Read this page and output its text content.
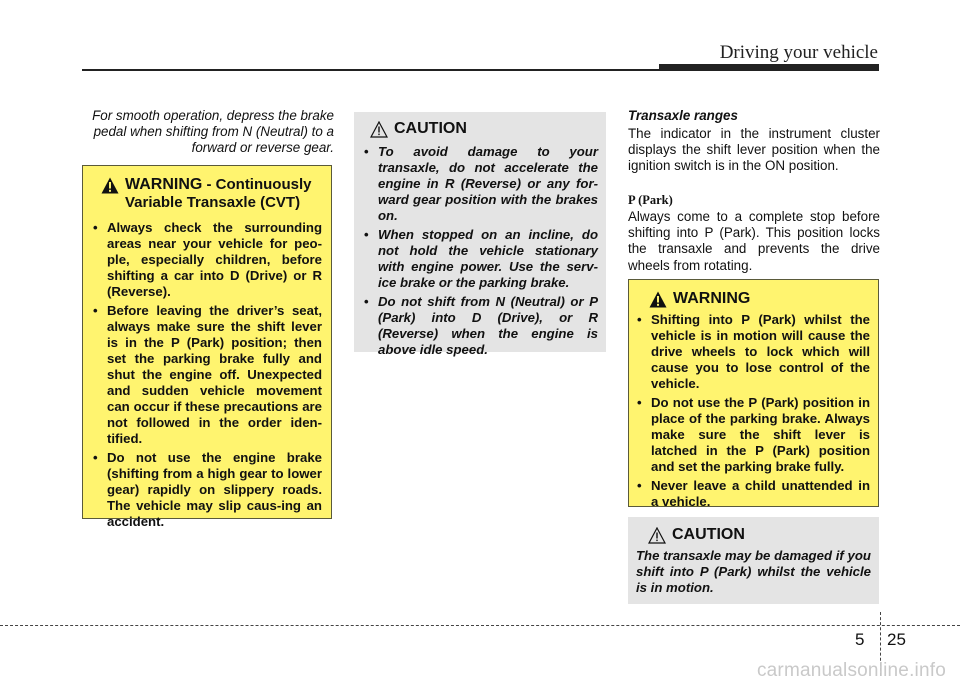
Driving your vehicle

For smooth operation, depress the brake pedal when shifting from N (Neutral) to a forward or reverse gear.

WARNING - Continuously
Variable Transaxle (CVT)
• Always check the surrounding areas near your vehicle for peo-ple, especially children, before shifting a car into D (Drive) or R (Reverse).
• Before leaving the driver’s seat, always make sure the shift lever is in the P (Park) position; then set the parking brake fully and shut the engine off. Unexpected and sudden vehicle movement can occur if these precautions are not followed in the order iden-tified.
• Do not use the engine brake (shifting from a high gear to lower gear) rapidly on slippery roads. The vehicle may slip caus-ing an accident.
CAUTION
• To avoid damage to your transaxle, do not accelerate the engine in R (Reverse) or any for-ward gear position with the brakes on.
• When stopped on an incline, do not hold the vehicle stationary with engine power. Use the serv-ice brake or the parking brake.
• Do not shift from N (Neutral) or P (Park) into D (Drive), or R (Reverse) when the engine is above idle speed.
Transaxle ranges

The indicator in the instrument cluster displays the shift lever position when the ignition switch is in the ON position.

P (Park)

Always come to a complete stop before shifting into P (Park). This position locks the transaxle and prevents the drive wheels from rotating.

WARNING
• Shifting into P (Park) whilst the vehicle is in motion will cause the drive wheels to lock which will cause you to lose control of the vehicle.
• Do not use the P (Park) position in place of the parking brake. Always make sure the shift lever is latched in the P (Park) position and set the parking brake fully.
• Never leave a child unattended in a vehicle.
CAUTION

The transaxle may be damaged if you shift into P (Park) whilst the vehicle is in motion.

5 25
carmanualsonline.info
